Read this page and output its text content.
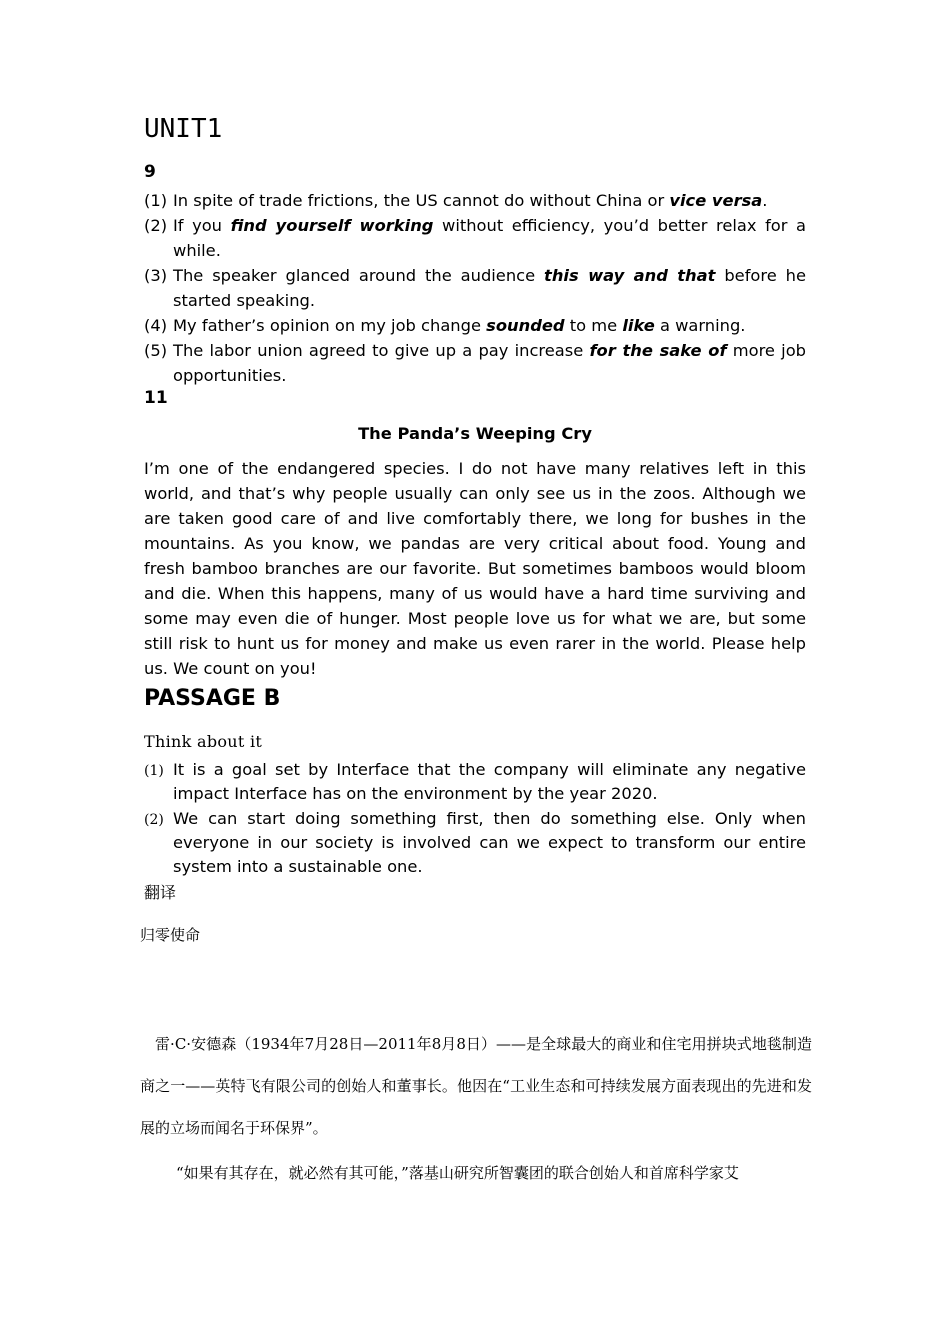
UNIT1
9
(1) In spite of trade frictions, the US cannot do without China or vice versa.
(2) If you find yourself working without efficiency, you’d better relax for a while.
(3) The speaker glanced around the audience this way and that before he started speaking.
(4) My father’s opinion on my job change sounded to me like a warning.
(5) The labor union agreed to give up a pay increase for the sake of more job opportunities.
11
The Panda’s Weeping Cry
I’m one of the endangered species. I do not have many relatives left in this world, and that’s why people usually can only see us in the zoos. Although we are taken good care of and live comfortably there, we long for bushes in the mountains. As you know, we pandas are very critical about food. Young and fresh bamboo branches are our favorite. But sometimes bamboos would bloom and die. When this happens, many of us would have a hard time surviving and some may even die of hunger. Most people love us for what we are, but some still risk to hunt us for money and make us even rarer in the world. Please help us. We count on you!
PASSAGE B
Think about it
(1) It is a goal set by Interface that the company will eliminate any negative impact Interface has on the environment by the year 2020.
(2) We can start doing something first, then do something else. Only when everyone in our society is involved can we expect to transform our entire system into a sustainable one.
翻译
归零使命
雷·C·安德森（1934年7月28日—2011年8月8日）——是全球最大的商业和住宅用拼块式地毯制造商之一——英特飞有限公司的创始人和董事长。他因在“工业生态和可持续发展方面表现出的先进和发展的立场而闻名于环保界”。
“如果有其存在，就必然有其可能，”落基山研究所智囊团的联合创始人和首席科学家艾
